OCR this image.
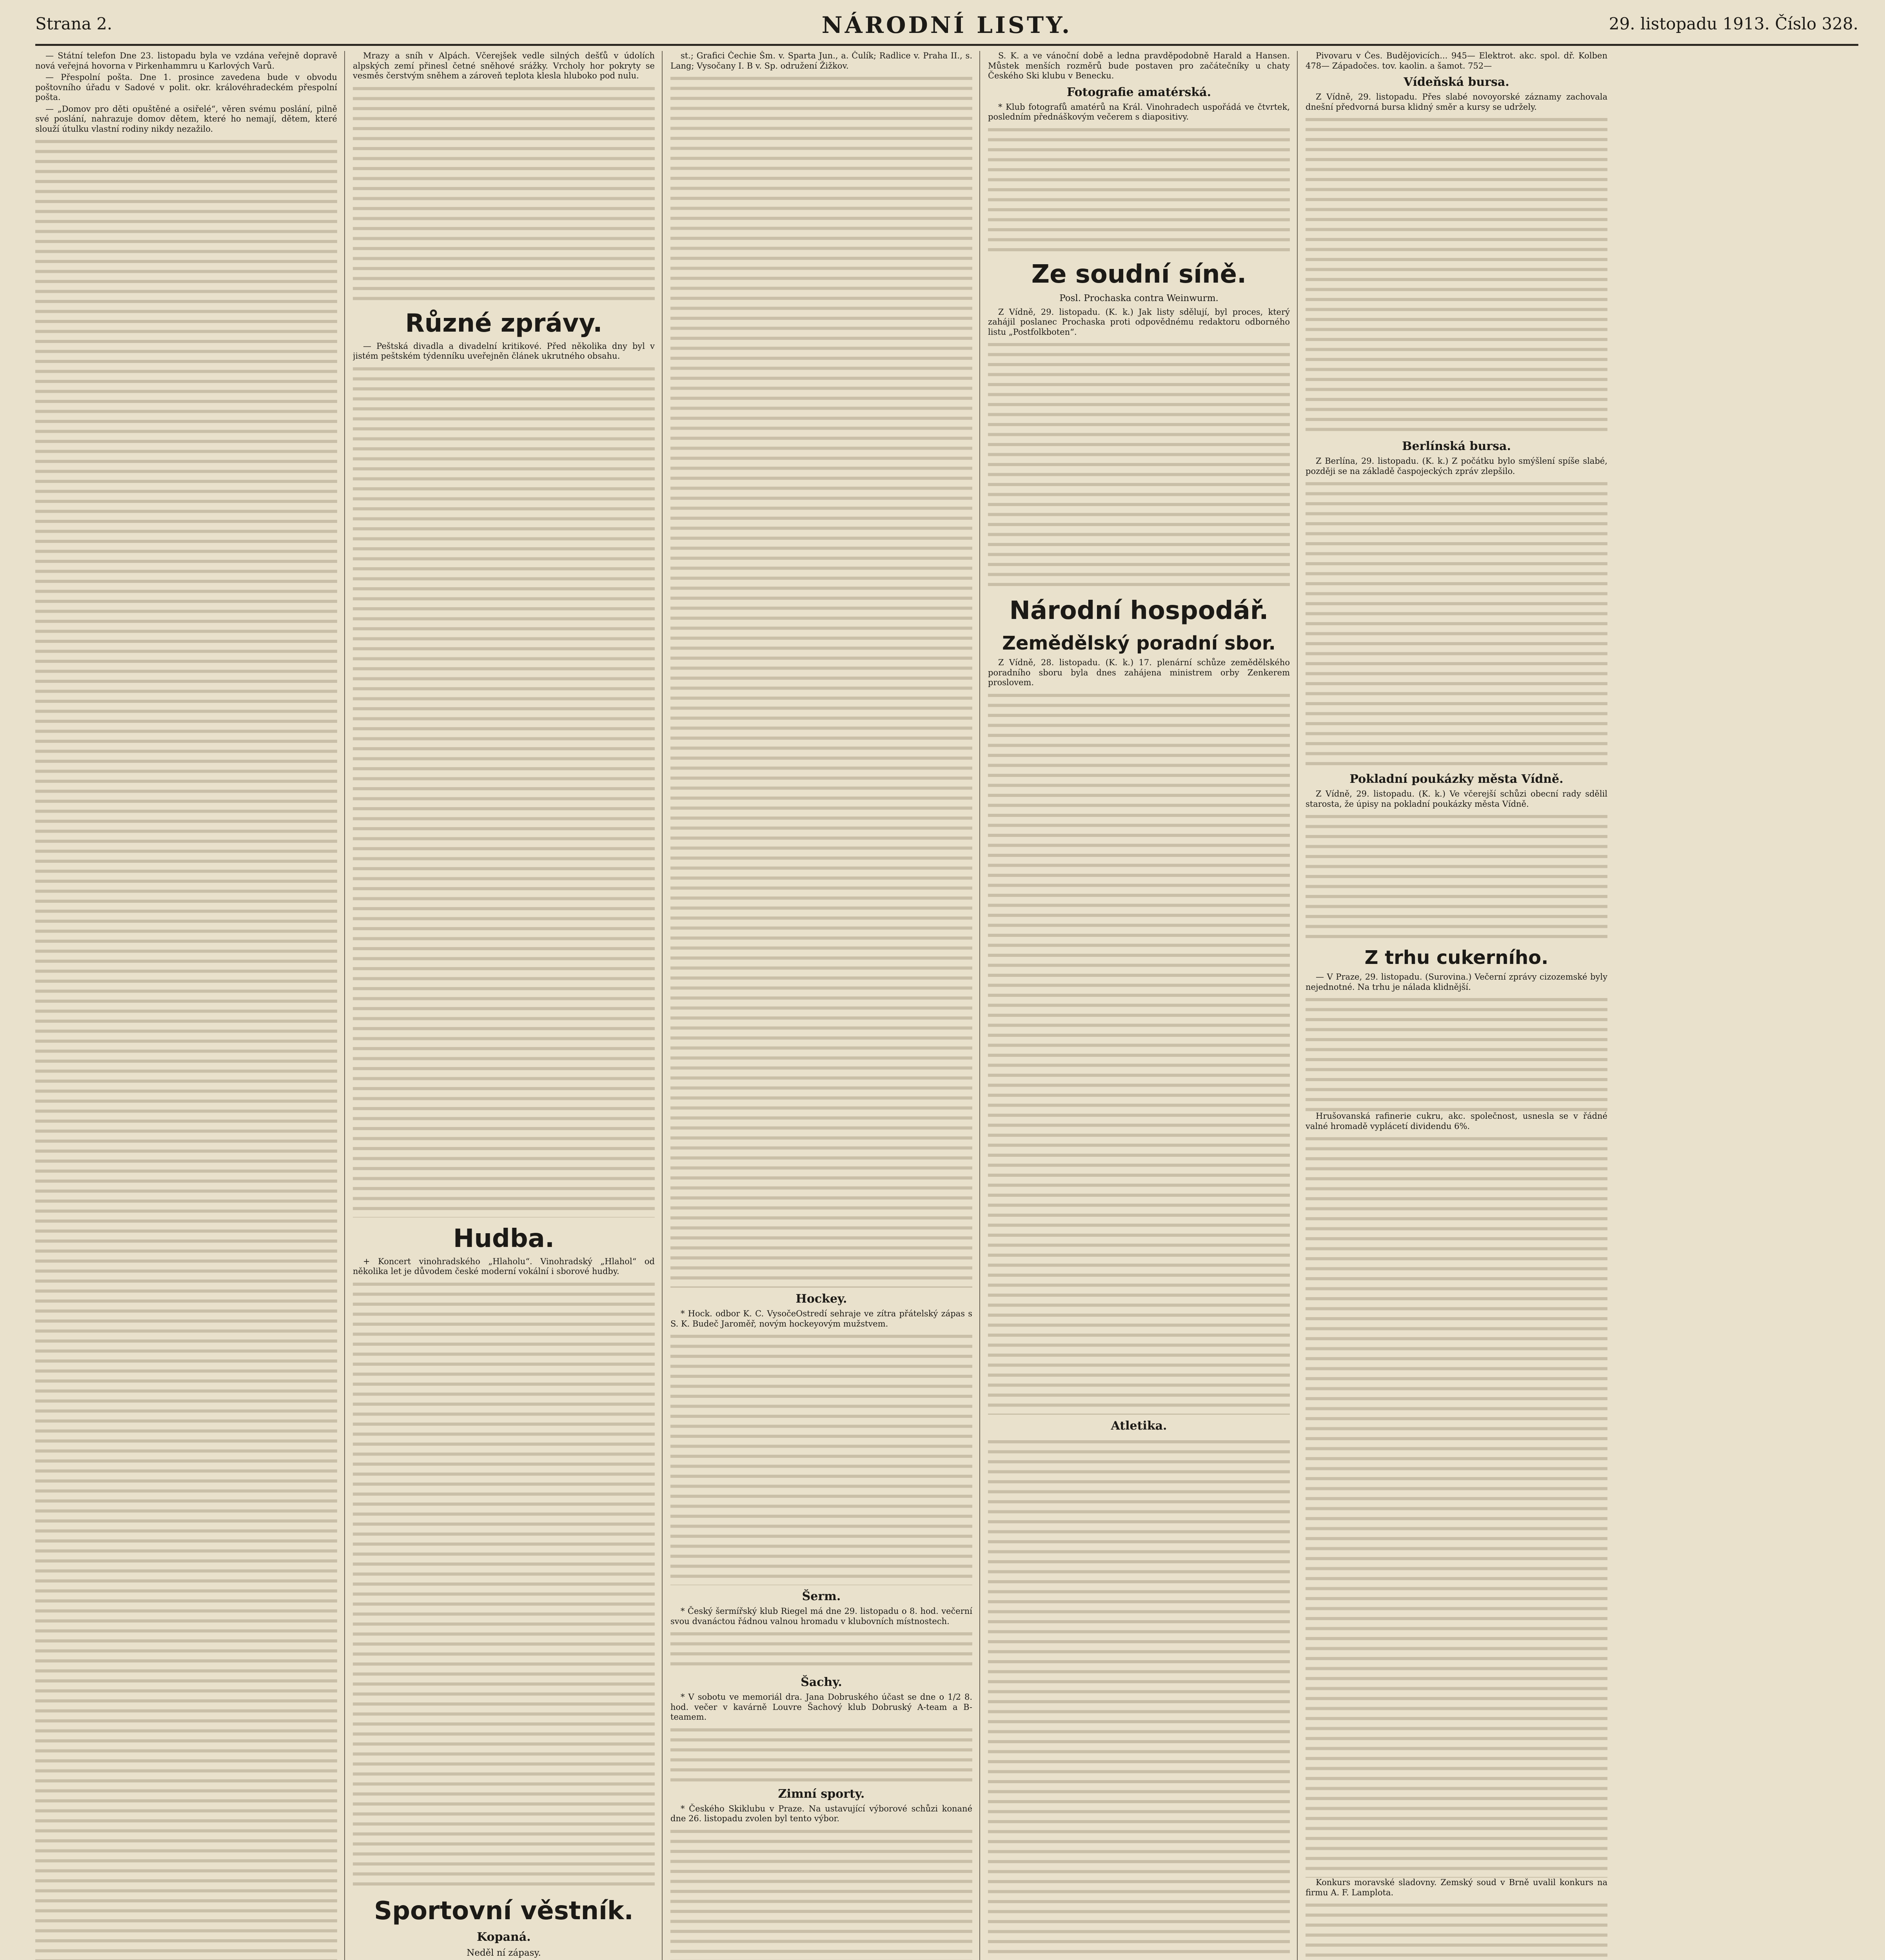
Strana 2.	NÁRODNÍ LISTY.	29. listopadu 1913. Číslo 328.

— Státní telefon Dne 23. listopadu byla ve vzdána veřejně dopravě nová veřejná hovorna v Pirkenhammru u Karlových Varů.

— Přespolní pošta. Dne 1. prosince zavedena bude v obvodu poštovního úřadu v Sadové v polit. okr. královéhradeckém přespolní pošta.

— „Domov pro děti opuštěné a osiřelé“, věren svému poslání, pilně své poslání, nahrazuje domov dětem, které ho nemají, dětem, které slouží útulku vlastní rodiny nikdy nezažilo.

Mrazy a sníh v Alpách. Včerejšek vedle silných dešťů v údolích alpských zemí přinesl četné sněhové srážky. Vrcholy hor pokryty se vesměs čerstvým sněhem a zároveň teplota klesla hluboko pod nulu.

Různé zprávy.

— Peštská divadla a divadelní kritikové. Před několika dny byl v jistém peštském týdenníku uveřejněn článek ukrutného obsahu.

Hudba.

+ Koncert vinohradského „Hlaholu“. Vinohradský „Hlahol“ od několika let je důvodem české moderní vokální i sborové hudby.

Sportovní věstník.
Kopaná.
Neděl ní zápasy.

st.; Grafici Čechie Šm. v. Sparta Jun., a. Čulík; Radlice v. Praha II., s. Lang; Vysočany I. B v. Sp. odružení Žižkov.

Hockey.

* Hock. odbor K. C. VysočeOstredí sehraje ve zítra přátelský zápas s S. K. Budeč Jaroměř, novým hockeyovým mužstvem.

Šerm.

* Český šermířský klub Riegel má dne 29. listopadu o 8. hod. večerní svou dvanáctou řádnou valnou hromadu v klubovních místnostech.

Šachy.

* V sobotu ve memoriál dra. Jana Dobruského účast se dne o 1/2 8. hod. večer v kavárně Louvre Šachový klub Dobruský A-team a B-teamem.

Zimní sporty.

* Českého Skiklubu v Praze. Na ustavující výborové schůzi konané dne 26. listopadu zvolen byl tento výbor.

S. K. a ve vánoční době a ledna pravděpodobně Harald a Hansen. Můstek menších rozměrů bude postaven pro začátečníky u chaty Českého Ski klubu v Benecku.

Fotografie amatérská.

* Klub fotografů amatérů na Král. Vinohradech uspořádá ve čtvrtek, posledním přednáškovým večerem s diapositivy.

Ze soudní síně.
Posl. Prochaska contra Weinwurm.

Z Vídně, 29. listopadu. (K. k.) Jak listy sdělují, byl proces, který zahájil poslanec Prochaska proti odpovědnému redaktoru odborného listu „Postfolkboten“.

Národní hospodář.
Zemědělský poradní sbor.

Z Vídně, 28. listopadu. (K. k.) 17. plenární schůze zemědělského poradního sboru byla dnes zahájena ministrem orby Zenkerem proslovem.

Atletika.

Pivovaru v Čes. Budějovicích... 945— Elektrot. akc. spol. dř. Kolben 478— Západočes. tov. kaolin. a šamot. 752—

Vídeňská bursa.

Z Vídně, 29. listopadu. Přes slabé novoyorské záznamy zachovala dnešní předvorná bursa klidný směr a kursy se udržely.

Berlínská bursa.

Z Berlína, 29. listopadu. (K. k.) Z počátku bylo smýšlení spíše slabé, později se na základě časpojeckých zpráv zlepšilo.

Pokladní poukázky města Vídně.

Z Vídně, 29. listopadu. (K. k.) Ve včerejší schůzi obecní rady sdělil starosta, že úpisy na pokladní poukázky města Vídně.

Z trhu cukerního.

— V Praze, 29. listopadu. (Surovina.) Večerní zprávy cizozemské byly nejednotné. Na trhu je nálada klidnější.

Hrušovanská rafinerie cukru, akc. společnost, usnesla se v řádné valné hromadě vyplácetí dividendu 6%.

Konkurs moravské sladovny. Zemský soud v Brně uvalil konkurs na firmu A. F. Lamplota.
